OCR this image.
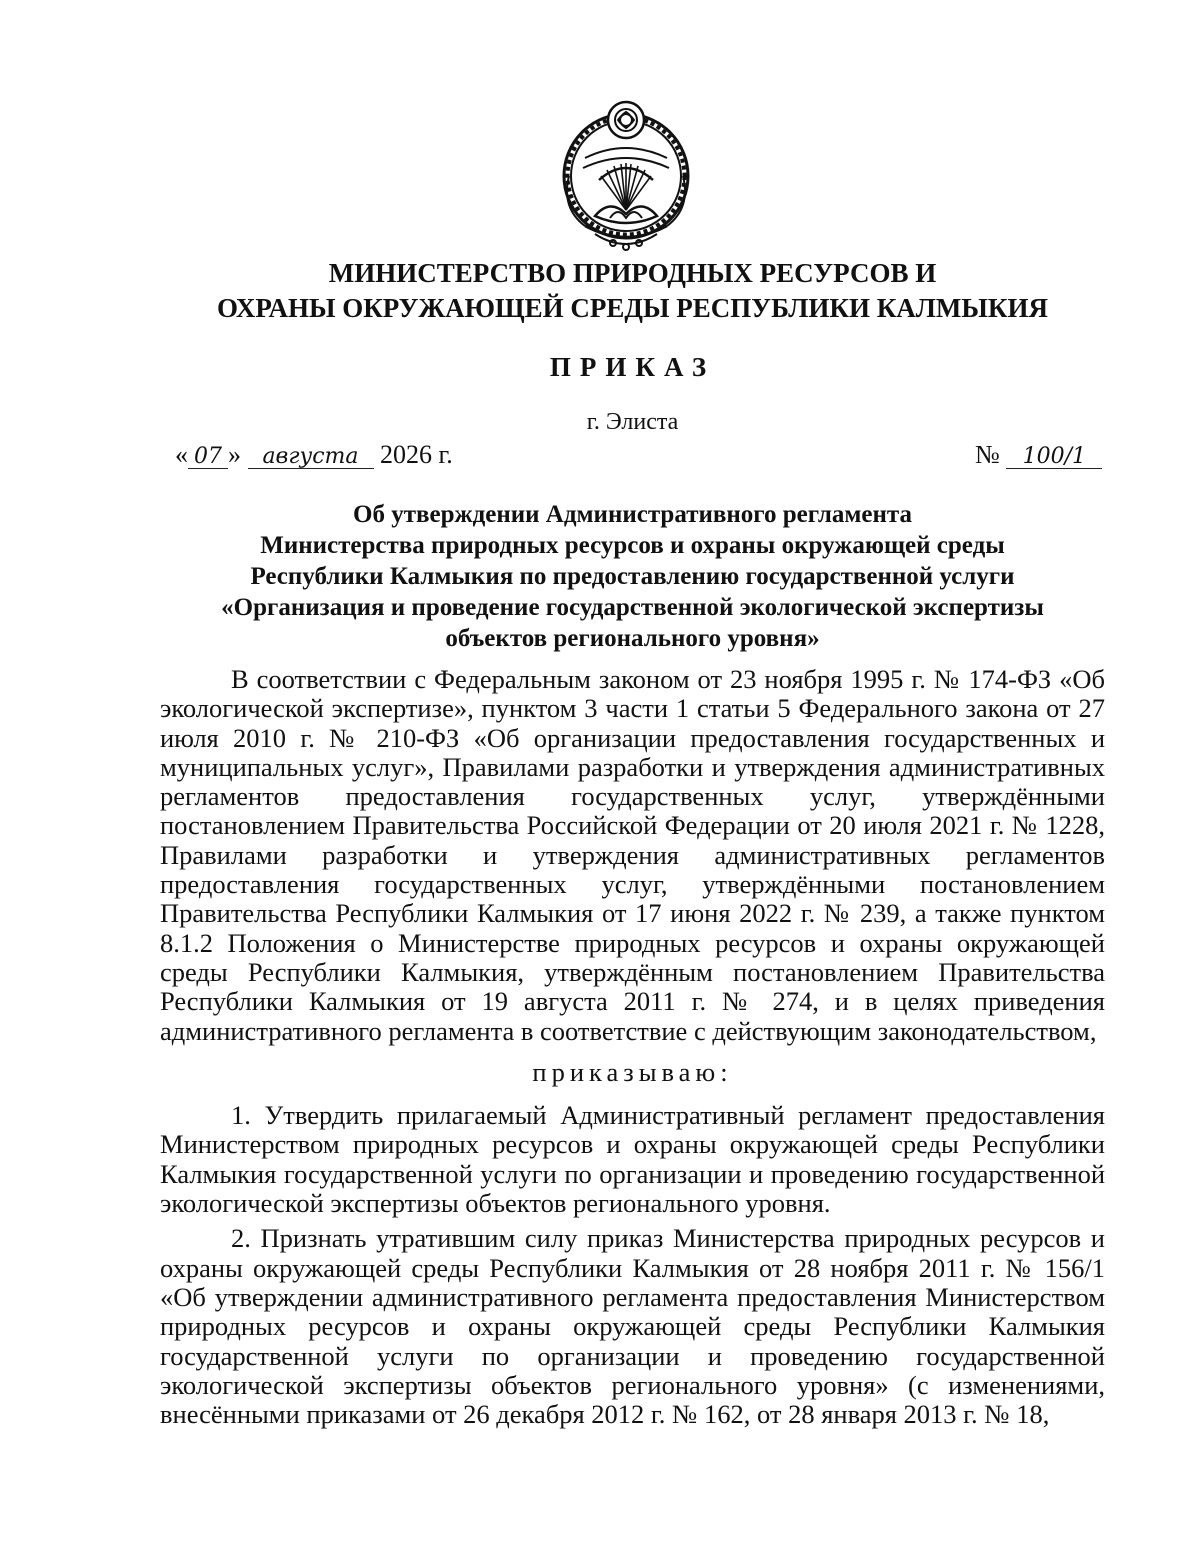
МИНИСТЕРСТВО ПРИРОДНЫХ РЕСУРСОВ И
ОХРАНЫ ОКРУЖАЮЩЕЙ СРЕДЫ РЕСПУБЛИКИ КАЛМЫКИЯ
ПРИКАЗ
г. Элиста
« 07 » августа 2026 г.	№ 100/1
Об утверждении Административного регламента
Министерства природных ресурсов и охраны окружающей среды
Республики Калмыкия по предоставлению государственной услуги
«Организация и проведение государственной экологической экспертизы
объектов регионального уровня»

В соответствии с Федеральным законом от 23 ноября 1995 г. № 174-ФЗ «Об экологической экспертизе», пунктом 3 части 1 статьи 5 Федерального закона от 27 июля 2010 г. № 210-ФЗ «Об организации предоставления государственных и муниципальных услуг», Правилами разработки и утверждения административных регламентов предоставления государственных услуг, утверждёнными постановлением Правительства Российской Федерации от 20 июля 2021 г. № 1228, Правилами разработки и утверждения административных регламентов предоставления государственных услуг, утверждёнными постановлением Правительства Республики Калмыкия от 17 июня 2022 г. № 239, а также пунктом 8.1.2 Положения о Министерстве природных ресурсов и охраны окружающей среды Республики Калмыкия, утверждённым постановлением Правительства Республики Калмыкия от 19 августа 2011 г. № 274, и в целях приведения административного регламента в соответствие с действующим законодательством,

приказываю:

1. Утвердить прилагаемый Административный регламент предоставления Министерством природных ресурсов и охраны окружающей среды Республики Калмыкия государственной услуги по организации и проведению государственной экологической экспертизы объектов регионального уровня.

2. Признать утратившим силу приказ Министерства природных ресурсов и охраны окружающей среды Республики Калмыкия от 28 ноября 2011 г. № 156/1 «Об утверждении административного регламента предоставления Министерством природных ресурсов и охраны окружающей среды Республики Калмыкия государственной услуги по организации и проведению государственной экологической экспертизы объектов регионального уровня» (с изменениями, внесёнными приказами от 26 декабря 2012 г. № 162, от 28 января 2013 г. № 18,
